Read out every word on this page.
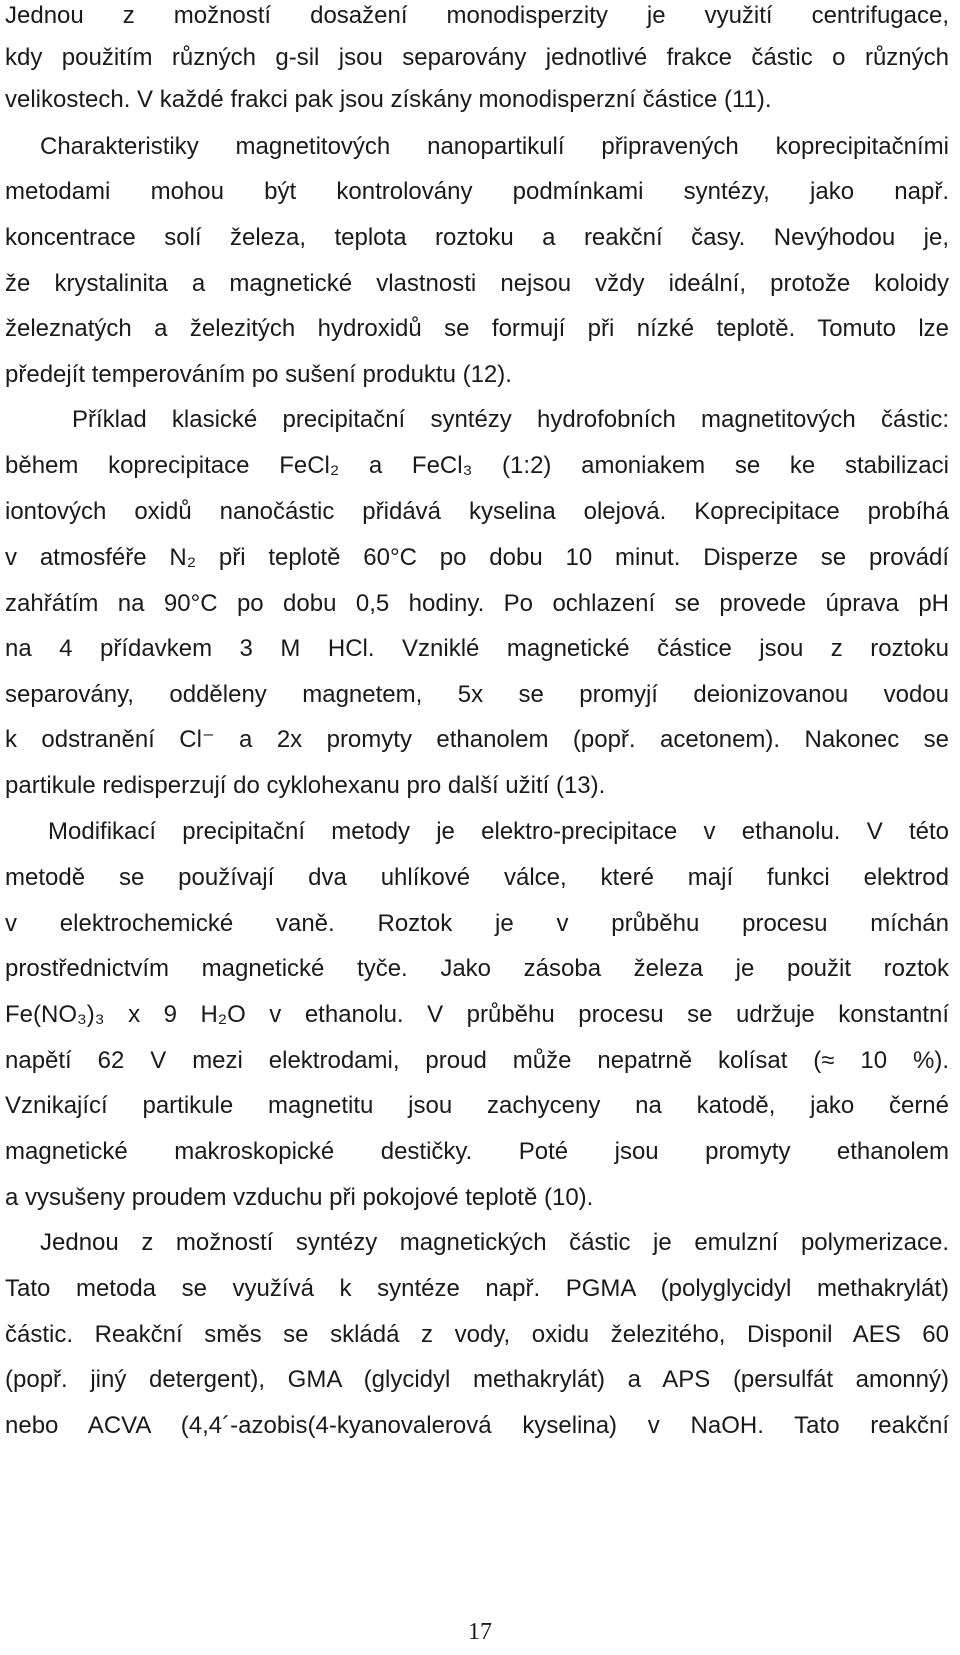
Jednou z možností dosažení monodisperzity je využití centrifugace,
kdy použitím různých g-sil jsou separovány jednotlivé frakce částic o různých
velikostech. V každé frakci pak jsou získány monodisperzní částice (11).
Charakteristiky magnetitových nanopartikulí připravených koprecipitačními
metodami mohou být kontrolovány podmínkami syntézy, jako např.
koncentrace solí železa, teplota roztoku a reakční časy. Nevýhodou je,
že krystalinita a magnetické vlastnosti nejsou vždy ideální, protože koloidy
železnatých a železitých hydroxidů se formují při nízké teplotě. Tomuto lze
předejít temperováním po sušení produktu (12).
Příklad klasické precipitační syntézy hydrofobních magnetitových částic:
během koprecipitace FeCl₂ a FeCl₃ (1:2) amoniakem se ke stabilizaci
iontových oxidů nanočástic přidává kyselina olejová. Koprecipitace probíhá
v atmosféře N₂ při teplotě 60°C po dobu 10 minut. Disperze se provádí
zahřátím na 90°C po dobu 0,5 hodiny. Po ochlazení se provede úprava pH
na 4 přídavkem 3 M HCl. Vzniklé magnetické částice jsou z roztoku
separovány, odděleny magnetem, 5x se promyjí deionizovanou vodou
k odstranění Cl⁻ a 2x promyty ethanolem (popř. acetonem). Nakonec se
partikule redisperzují do cyklohexanu pro další užití (13).
Modifikací precipitační metody je elektro-precipitace v ethanolu. V této
metodě se používají dva uhlíkové válce, které mají funkci elektrod
v elektrochemické vaně. Roztok je v průběhu procesu míchán
prostřednictvím magnetické tyče. Jako zásoba železa je použit roztok
Fe(NO₃)₃ x 9 H₂O v ethanolu. V průběhu procesu se udržuje konstantní
napětí 62 V mezi elektrodami, proud může nepatrně kolísat (≈ 10 %).
Vznikající partikule magnetitu jsou zachyceny na katodě, jako černé
magnetické makroskopické destičky. Poté jsou promyty ethanolem
a vysušeny proudem vzduchu při pokojové teplotě (10).
Jednou z možností syntézy magnetických částic je emulzní polymerizace.
Tato metoda se využívá k syntéze např. PGMA (polyglycidyl methakrylát)
částic. Reakční směs se skládá z vody, oxidu železitého, Disponil AES 60
(popř. jiný detergent), GMA (glycidyl methakrylát) a APS (persulfát amonný)
nebo ACVA (4,4´-azobis(4-kyanovalerová kyselina) v NaOH. Tato reakční
17
